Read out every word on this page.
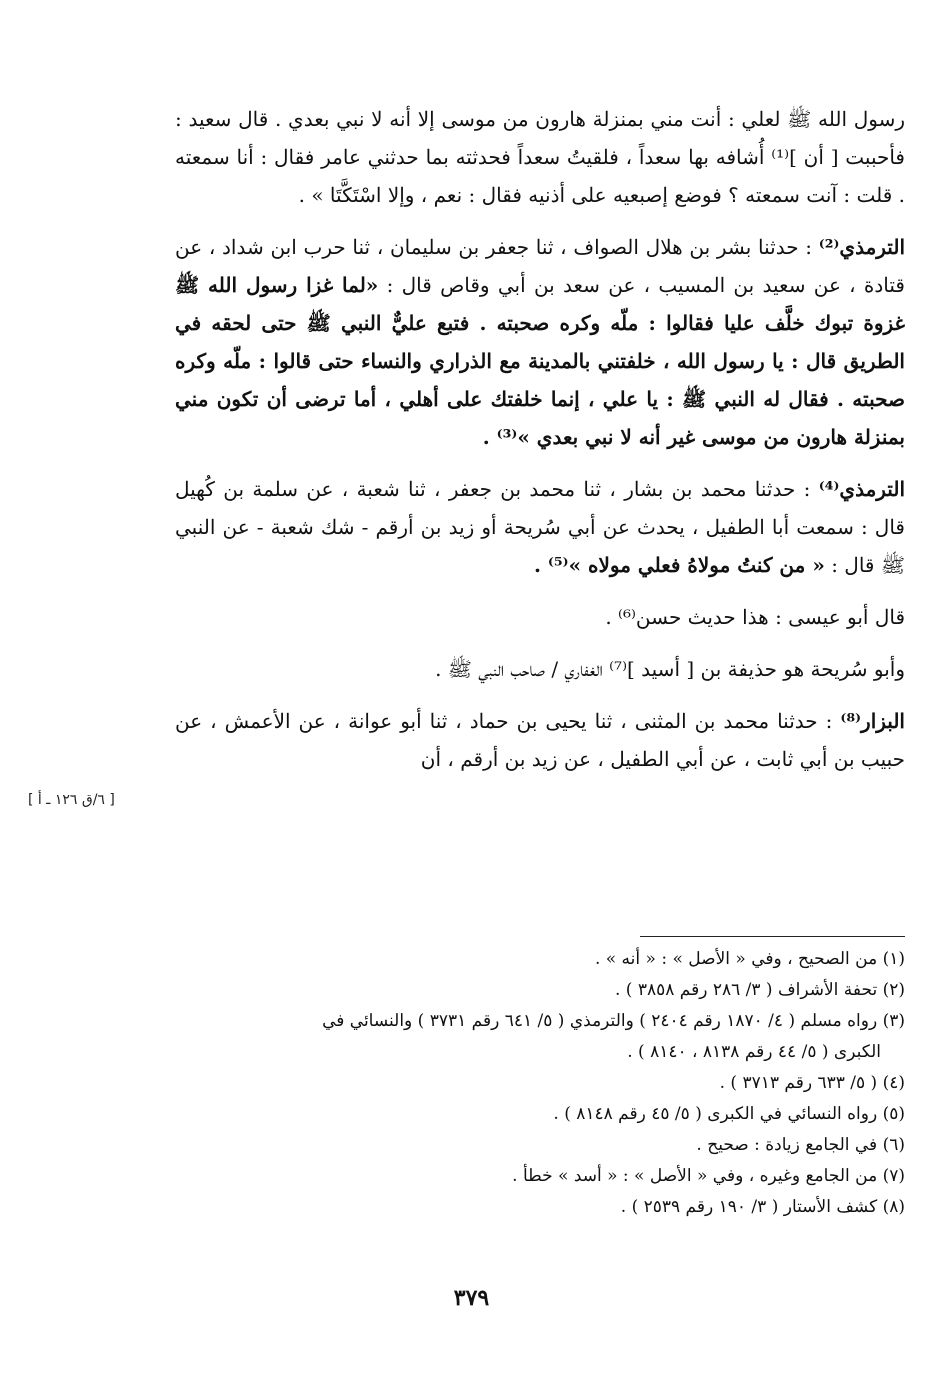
رسول الله ﷺ لعلي : أنت مني بمنزلة هارون من موسى إلا أنه لا نبي بعدي . قال سعيد : فأحببت [ أن ]⁽¹⁾ أُشافه بها سعداً ، فلقيتُ سعداً فحدثته بما حدثني عامر فقال : أنا سمعته . قلت : آنت سمعته ؟ فوضع إصبعيه على أذنيه فقال : نعم ، وإلا اسْتَكَّتَا » .

الترمذي⁽²⁾ : حدثنا بشر بن هلال الصواف ، ثنا جعفر بن سليمان ، ثنا حرب ابن شداد ، عن قتادة ، عن سعيد بن المسيب ، عن سعد بن أبي وقاص قال : «لما غزا رسول الله ﷺ غزوة تبوك خلَّف عليا فقالوا : ملّه وكره صحبته . فتبع عليٌّ النبي ﷺ حتى لحقه في الطريق قال : يا رسول الله ، خلفتني بالمدينة مع الذراري والنساء حتى قالوا : ملّه وكره صحبته . فقال له النبي ﷺ : يا علي ، إنما خلفتك على أهلي ، أما ترضى أن تكون مني بمنزلة هارون من موسى غير أنه لا نبي بعدي »⁽³⁾ .

الترمذي⁽⁴⁾ : حدثنا محمد بن بشار ، ثنا محمد بن جعفر ، ثنا شعبة ، عن سلمة بن كُهيل قال : سمعت أبا الطفيل ، يحدث عن أبي سُريحة أو زيد بن أرقم - شك شعبة - عن النبي ﷺ قال : « من كنتُ مولاهُ فعلي مولاه »⁽⁵⁾ .

قال أبو عيسى : هذا حديث حسن⁽⁶⁾ .

وأبو سُريحة هو حذيفة بن [ أسيد ]⁽⁷⁾ الغفاري / صاحب النبي ﷺ .

البزار⁽⁸⁾ : حدثنا محمد بن المثنى ، ثنا يحيى بن حماد ، ثنا أبو عوانة ، عن الأعمش ، عن حبيب بن أبي ثابت ، عن أبي الطفيل ، عن زيد بن أرقم ، أن

[ ٦/ق ١٢٦ ـ أ ]

(١) من الصحيح ، وفي « الأصل » : « أنه » .

(٢) تحفة الأشراف ( ٣/ ٢٨٦ رقم ٣٨٥٨ ) .

(٣) رواه مسلم ( ٤/ ١٨٧٠ رقم ٢٤٠٤ ) والترمذي ( ٥/ ٦٤١ رقم ٣٧٣١ ) والنسائي في

الكبرى ( ٥/ ٤٤ رقم ٨١٣٨ ، ٨١٤٠ ) .

(٤) ( ٥/ ٦٣٣ رقم ٣٧١٣ ) .

(٥) رواه النسائي في الكبرى ( ٥/ ٤٥ رقم ٨١٤٨ ) .

(٦) في الجامع زيادة : صحيح .

(٧) من الجامع وغيره ، وفي « الأصل » : « أسد » خطأ .

(٨) كشف الأستار ( ٣/ ١٩٠ رقم ٢٥٣٩ ) .

٣٧٩
